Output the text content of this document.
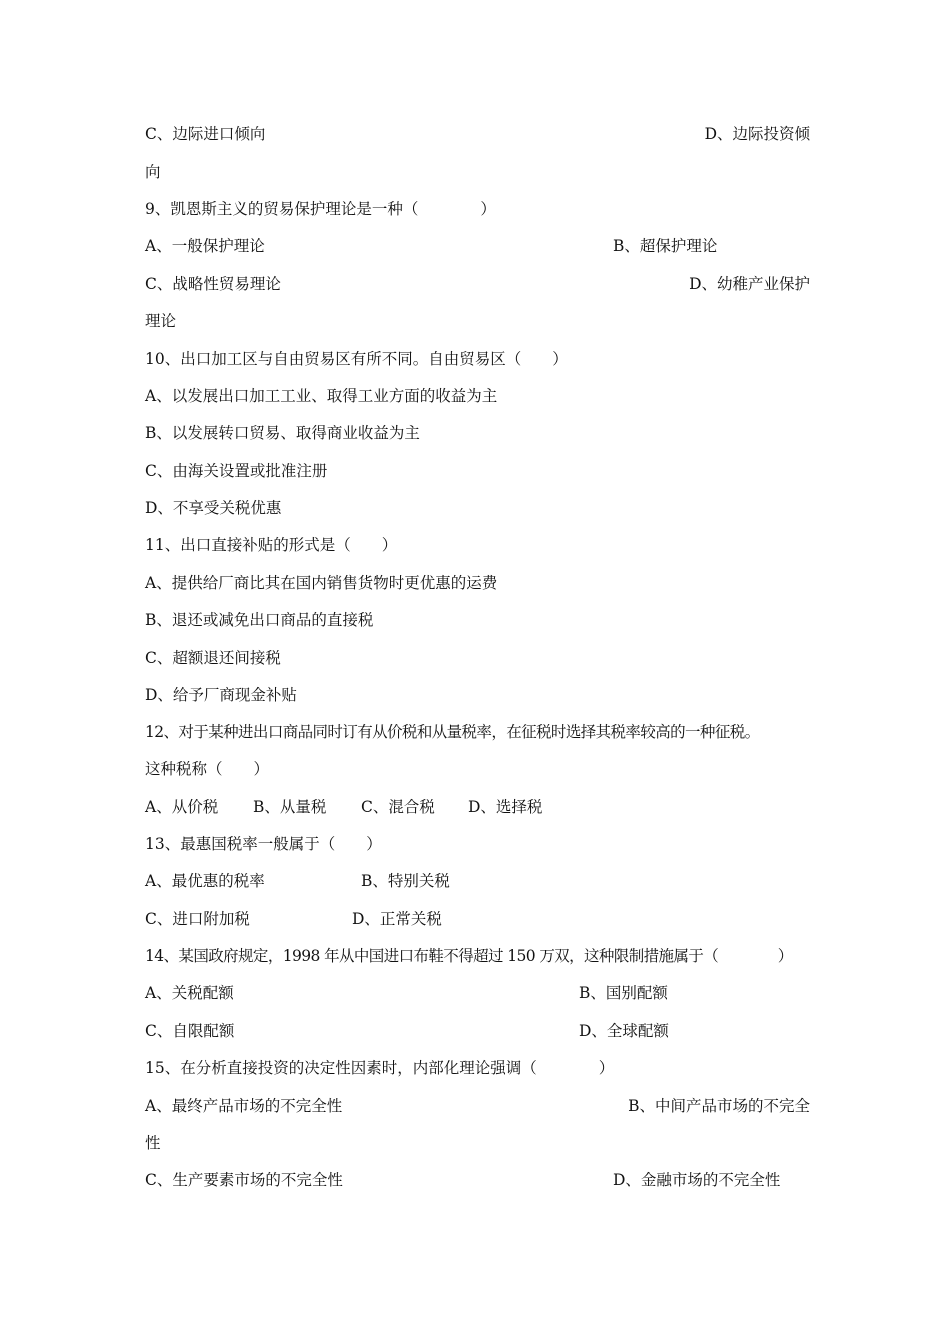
C、边际进口倾向	D、边际投资倾
向
9、凯恩斯主义的贸易保护理论是一种（　　　　）
A、一般保护理论	B、超保护理论
C、战略性贸易理论	D、幼稚产业保护
理论
10、出口加工区与自由贸易区有所不同。自由贸易区（　　）
A、以发展出口加工工业、取得工业方面的收益为主
B、以发展转口贸易、取得商业收益为主
C、由海关设置或批准注册
D、不享受关税优惠
11、出口直接补贴的形式是（　　）
A、提供给厂商比其在国内销售货物时更优惠的运费
B、退还或减免出口商品的直接税
C、超额退还间接税
D、给予厂商现金补贴
12、对于某种进出口商品同时订有从价税和从量税率，在征税时选择其税率较高的一种征税。
这种税称（　　）
A、从价税 B、从量税 C、混合税 D、选择税
13、最惠国税率一般属于（　　）
A、最优惠的税率	B、特别关税
C、进口附加税	D、正常关税
14、某国政府规定，1998 年从中国进口布鞋不得超过 150 万双，这种限制措施属于（　　　　）
A、关税配额	B、国别配额
C、自限配额	D、全球配额
15、在分析直接投资的决定性因素时，内部化理论强调（　　　　）
A、最终产品市场的不完全性	B、中间产品市场的不完全
性
C、生产要素市场的不完全性	D、金融市场的不完全性
